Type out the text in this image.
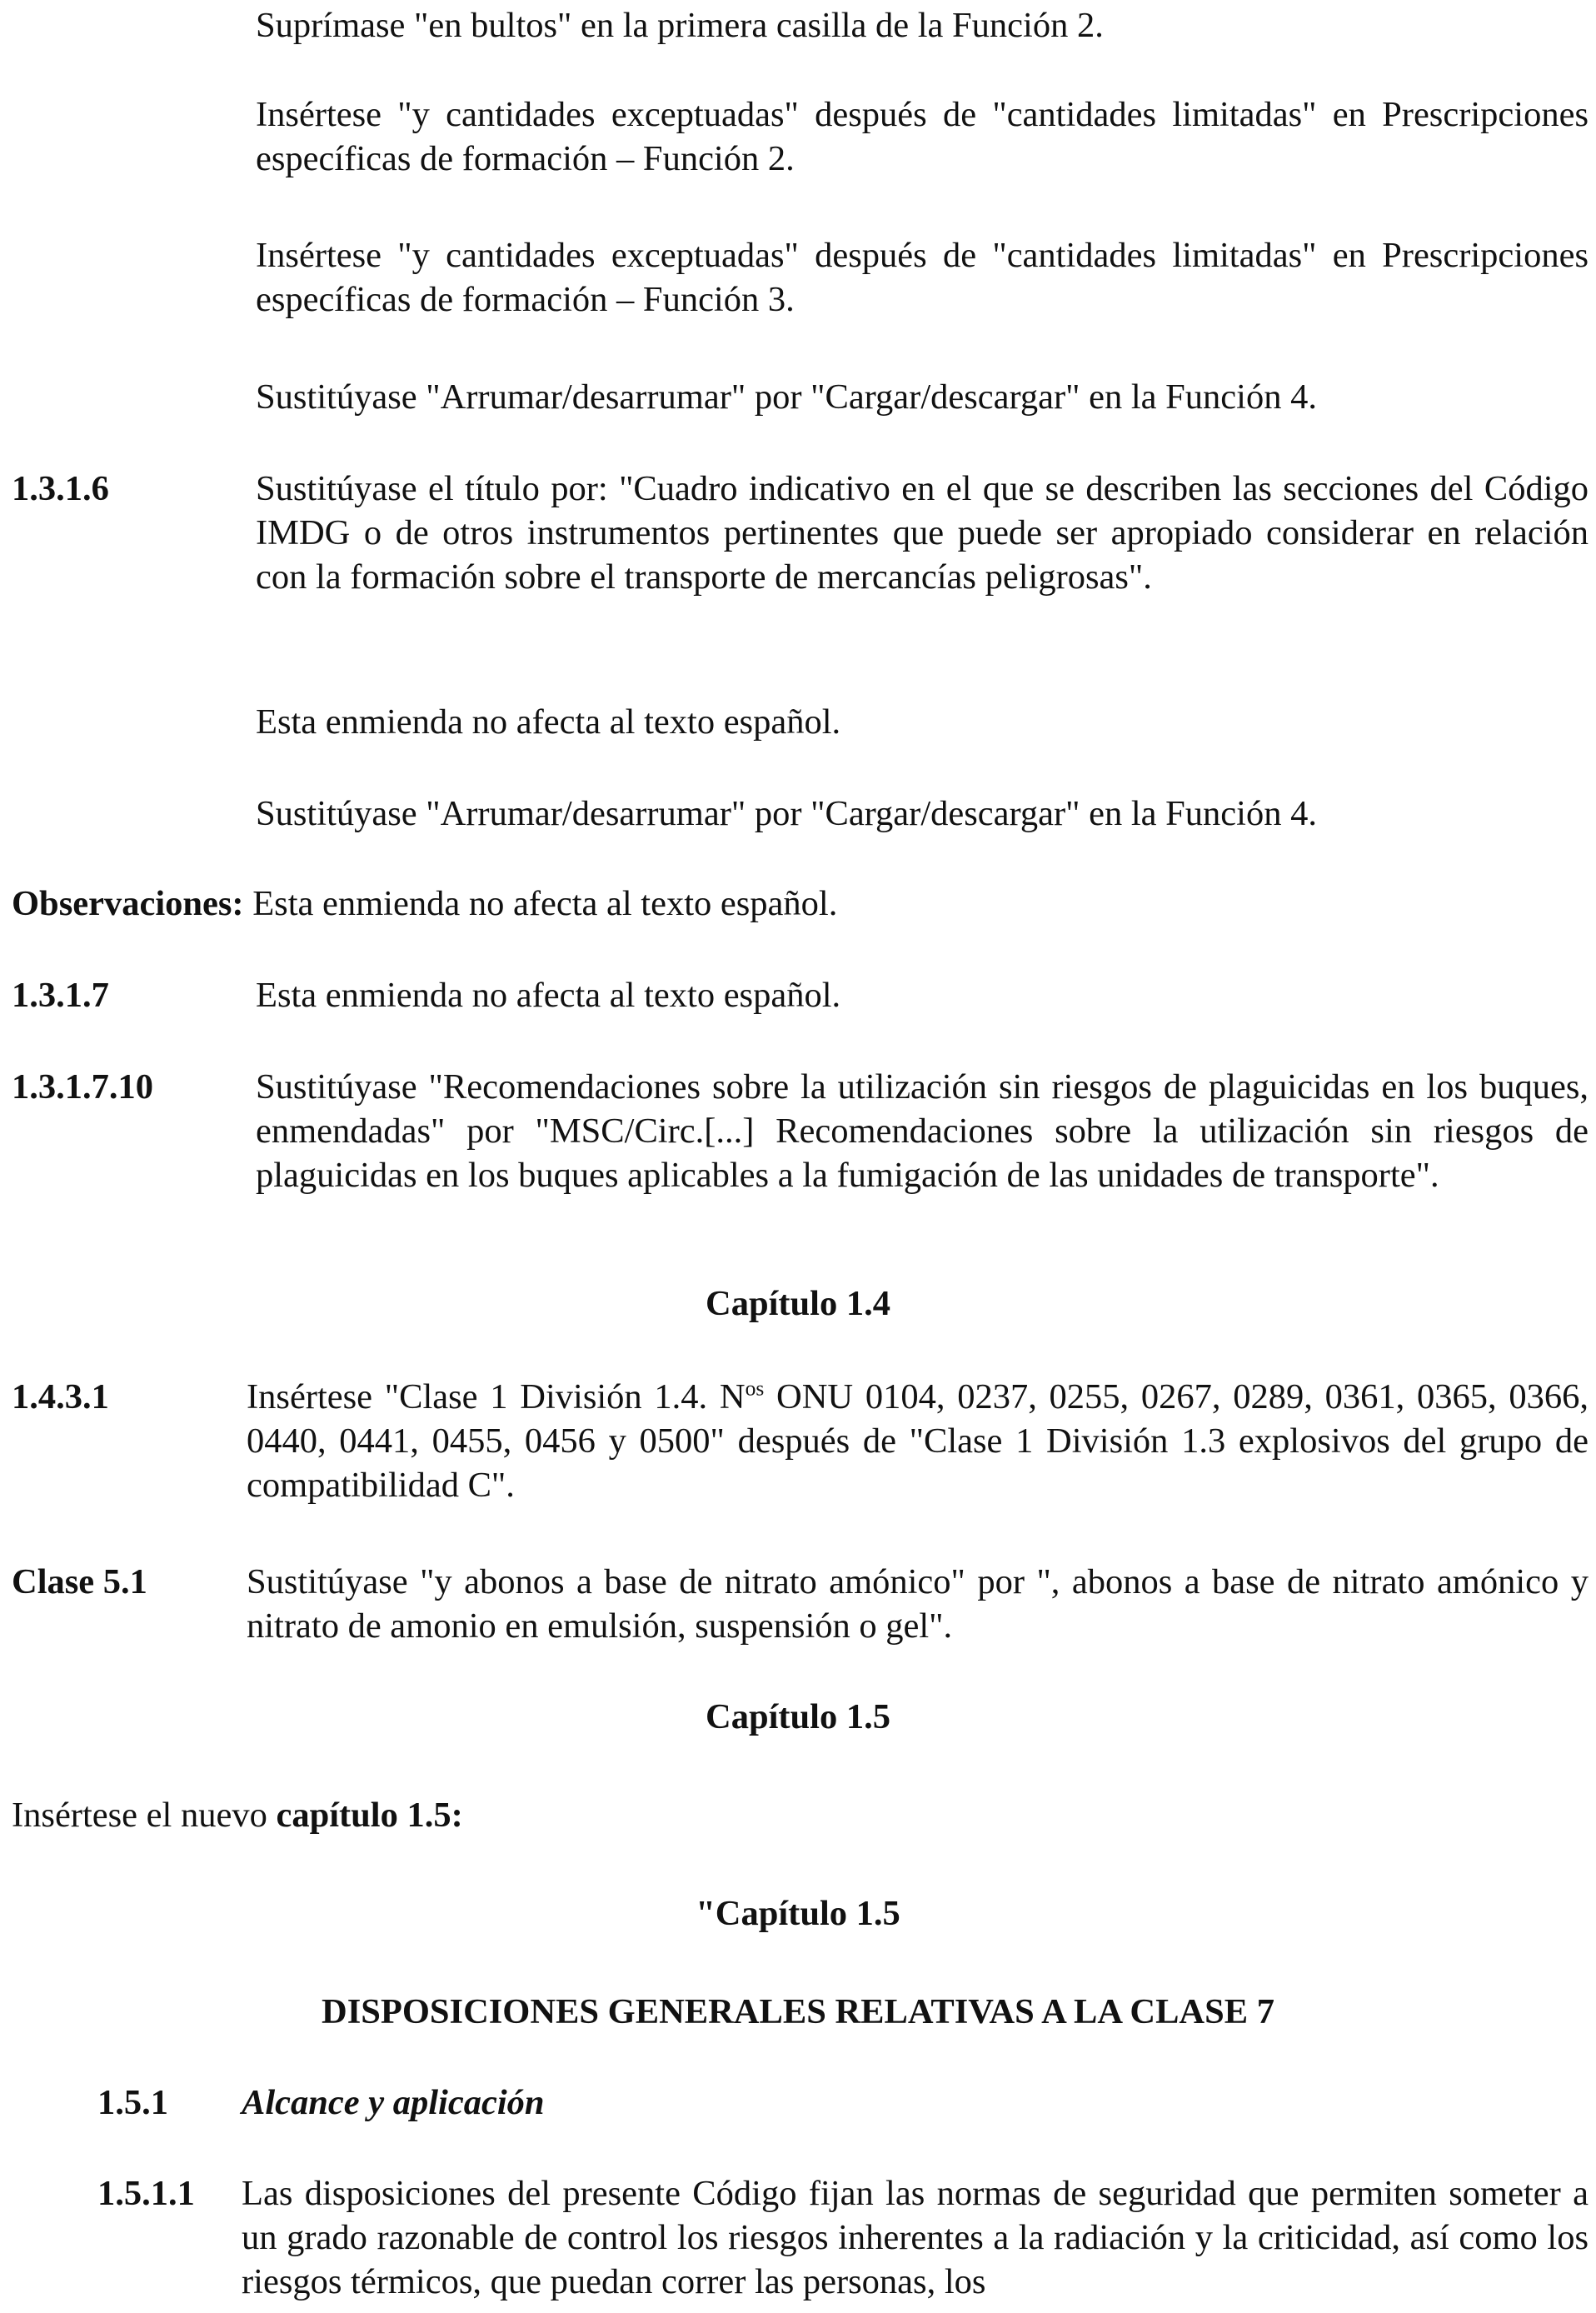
Suprímase "en bultos" en la primera casilla de la Función 2.

Insértese "y cantidades exceptuadas" después de "cantidades limitadas" en Prescripciones específicas de formación – Función 2.

Insértese "y cantidades exceptuadas" después de "cantidades limitadas" en Prescripciones específicas de formación – Función 3.

Sustitúyase "Arrumar/desarrumar" por "Cargar/descargar" en la Función 4.

1.3.1.6	Sustitúyase el título por: "Cuadro indicativo en el que se describen las secciones del Código IMDG o de otros instrumentos pertinentes que puede ser apropiado considerar en relación con la formación sobre el transporte de mercancías peligrosas".

Esta enmienda no afecta al texto español.

Sustitúyase "Arrumar/desarrumar" por "Cargar/descargar" en la Función 4.

Observaciones: Esta enmienda no afecta al texto español.

1.3.1.7	Esta enmienda no afecta al texto español.

1.3.1.7.10	Sustitúyase "Recomendaciones sobre la utilización sin riesgos de plaguicidas en los buques, enmendadas" por "MSC/Circ.[...] Recomendaciones sobre la utilización sin riesgos de plaguicidas en los buques aplicables a la fumigación de las unidades de transporte".

Capítulo 1.4

1.4.3.1	Insértese "Clase 1 División 1.4. $N^{os}$ ONU 0104, 0237, 0255, 0267, 0289, 0361, 0365, 0366, 0440, 0441, 0455, 0456 y 0500" después de "Clase 1 División 1.3 explosivos del grupo de compatibilidad C".

Clase 5.1	Sustitúyase "y abonos a base de nitrato amónico" por ", abonos a base de nitrato amónico y nitrato de amonio en emulsión, suspensión o gel".

Capítulo 1.5

Insértese el nuevo capítulo 1.5:

"Capítulo 1.5

DISPOSICIONES GENERALES RELATIVAS A LA CLASE 7

1.5.1 Alcance y aplicación

1.5.1.1 Las disposiciones del presente Código fijan las normas de seguridad que permiten someter a un grado razonable de control los riesgos inherentes a la radiación y la criticidad, así como los riesgos térmicos, que puedan correr las personas, los
